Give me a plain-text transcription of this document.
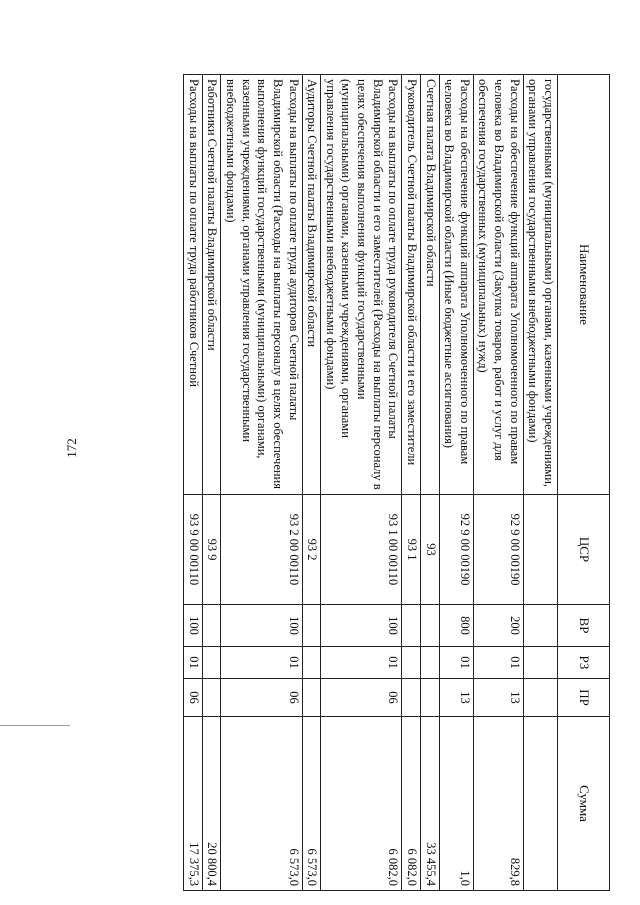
172
Наименование	ЦСР	ВР	РЗ	ПР	Сумма
государственными (муниципальными) органами, казенными учреждениями, органами управления государственными внебюджетными фондами)					
Расходы на обеспечение функций аппарата Уполномоченного по правам человека во Владимирской области (Закупка товаров, работ и услуг для обеспечения государственных (муниципальных) нужд)	92 9 00 00190	200	01	13	829,8
Расходы на обеспечение функций аппарата Уполномоченного по правам человека во Владимирской области (Иные бюджетные ассигнования)	92 9 00 00190	800	01	13	1,0
Счетная палата Владимирской области	93				33 455,4
Руководитель Счетной палаты Владимирской области и его заместители	93 1				6 082,0
Расходы на выплаты по оплате труда руководителя Счетной палаты Владимирской области и его заместителей (Расходы на выплаты персоналу в целях обеспечения выполнения функций государственными (муниципальными) органами, казенными учреждениями, органами управления государственными внебюджетными фондами)	93 1 00 00110	100	01	06	6 082,0
Аудиторы Счетной палаты Владимирской области	93 2				6 573,0
Расходы на выплаты по оплате труда аудиторов Счетной палаты Владимирской области (Расходы на выплаты персоналу в целях обеспечения выполнения функций государственными (муниципальными) органами, казенными учреждениями, органами управления государственными внебюджетными фондами)	93 2 00 00110	100	01	06	6 573,0
Работники Счетной палаты Владимирской области	93 9				20 800,4
Расходы на выплаты по оплате труда работников Счетной	93 9 00 00110	100	01	06	17 375,3
